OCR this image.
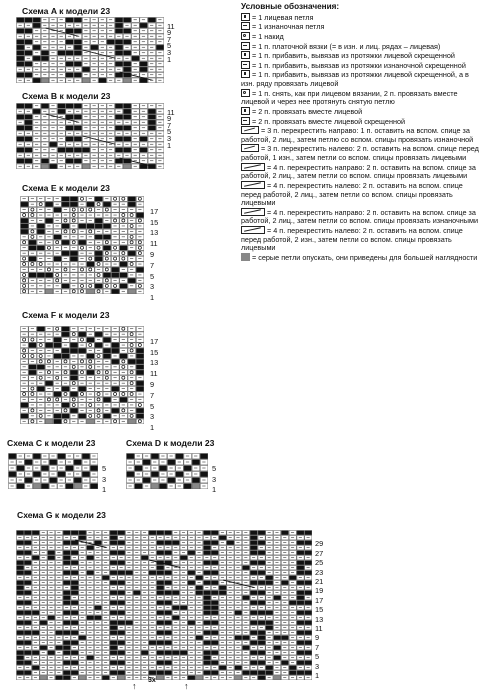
Схема A к модели 23

11
9
7
5
3
1

Схема B к модели 23

11
9
7
5
3
1

Схема E к модели 23

17
15
13
11
9
7
5
3
1

Схема F к модели 23

17
15
13
11
9
7
5
3
1

Схема C к модели 23

5
3
1

Схема D к модели 23

5
3
1

Схема G к модели 23

29
27
25
23
21
19
17
15
13
11
9
7
5
3
1

↑
3x
↑
Условные обозначения:
= 1 лицевая петля
= 1 изнаночная петля
= 1 накид
= 1 п. платочной вязки (= в изн. и лиц. рядах – лицевая)
= 1 п. прибавить, вывязав из протяжки лицевой скрещенной
= 1 п. прибавить, вывязав из протяжки изнаночной скрещенной
= 1 п. прибавить, вывязав из протяжки лицевой скрещенной, а в изн. ряду провязать лицевой
= 1 п. снять, как при лицевом вязании, 2 п. провязать вместе лицевой и через нее протянуть снятую петлю
= 2 п. провязать вместе лицевой
= 2 п. провязать вместе лицевой скрещенной
= 3 п. перекрестить направо: 1 п. оставить на вспом. спице за работой, 2 лиц., затем петлю со вспом. спицы провязать изнаночной
= 3 п. перекрестить налево: 2 п. оставить на вспом. спице перед работой, 1 изн., затем петли со вспом. спицы провязать лицевыми
= 4 п. перекрестить направо: 2 п. оставить на вспом. спице за работой, 2 лиц., затем петли со вспом. спицы провязать лицевыми
= 4 п. перекрестить налево: 2 п. оставить на вспом. спице перед работой, 2 лиц., затем петли со вспом. спицы провязать лицевыми
= 4 п. перекрестить направо: 2 п. оставить на вспом. спице за работой, 2 лиц., затем петли со вспом. спицы провязать изнаночными
= 4 п. перекрестить налево: 2 п. оставить на вспом. спице перед работой, 2 изн., затем петли со вспом. спицы провязать лицевыми
= серые петли опускать, они приведены для большей наглядности
